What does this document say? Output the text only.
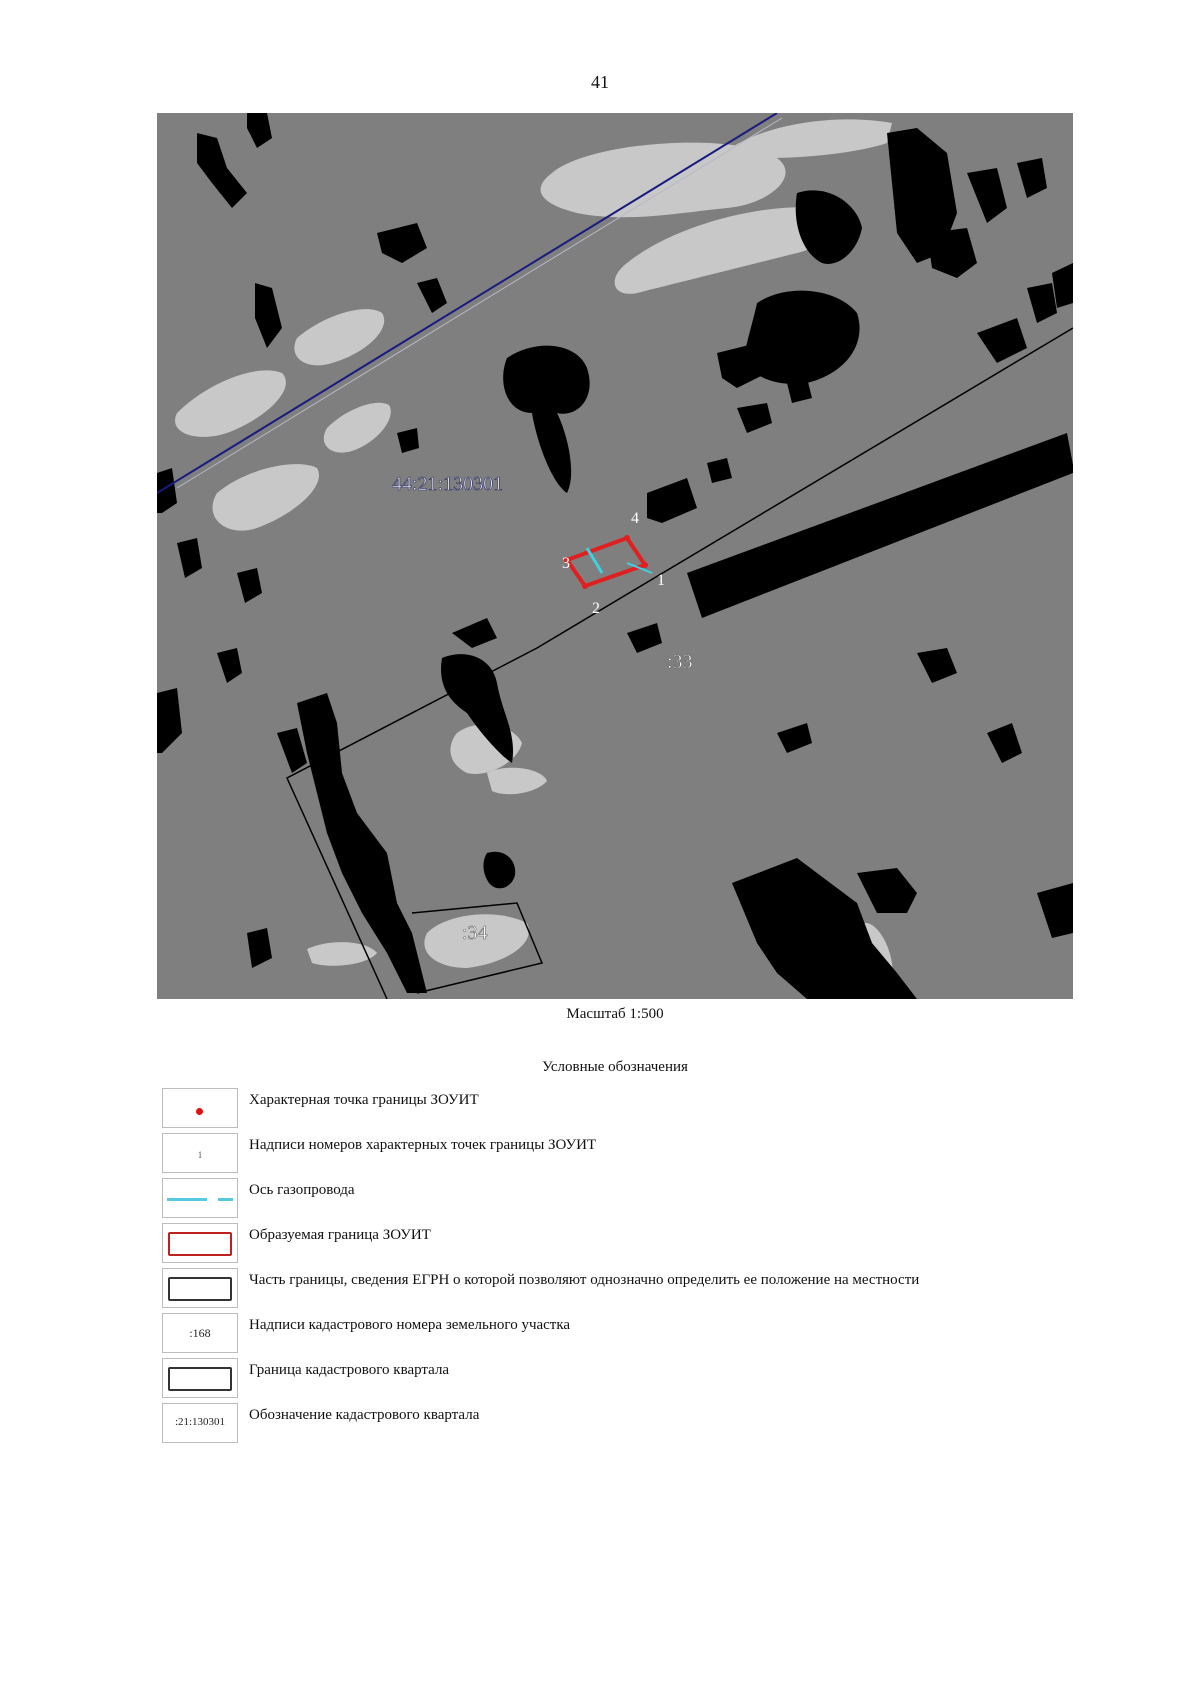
41
44:21:130301
:33
:34
1
2
3
4
Масштаб 1:500
Условные обозначения
Характерная точка границы ЗОУИТ
1
Надписи номеров характерных точек границы ЗОУИТ
Ось газопровода
Образуемая граница ЗОУИТ
Часть границы, сведения ЕГРН о которой позволяют однозначно определить ее положение на местности
:168	Надписи кадастрового номера земельного участка
Граница кадастрового квартала
:21:130301	Обозначение кадастрового квартала
